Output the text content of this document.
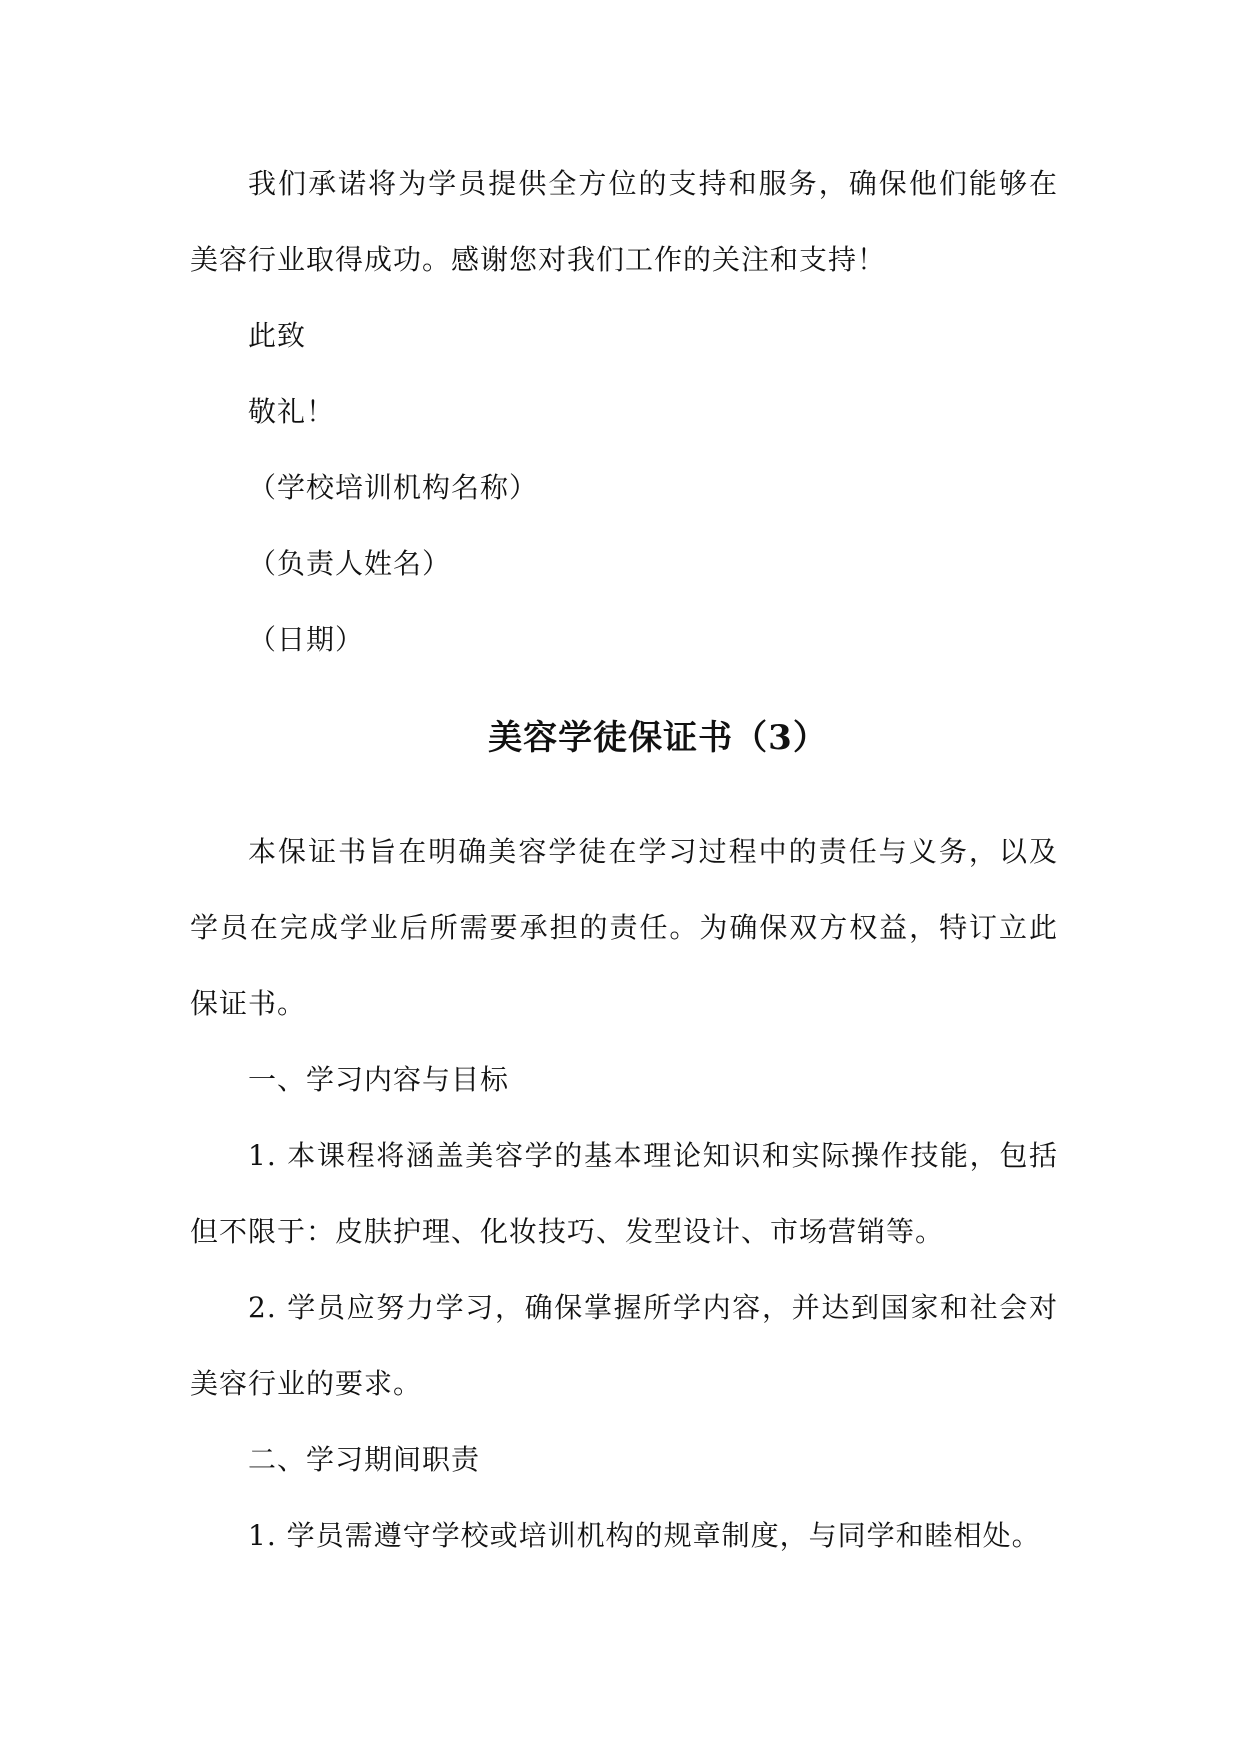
我们承诺将为学员提供全方位的支持和服务，确保他们能够在美容行业取得成功。感谢您对我们工作的关注和支持！

此致

敬礼！

（学校培训机构名称）

（负责人姓名）

（日期）

美容学徒保证书（3）

本保证书旨在明确美容学徒在学习过程中的责任与义务，以及学员在完成学业后所需要承担的责任。为确保双方权益，特订立此保证书。

一、学习内容与目标

1. 本课程将涵盖美容学的基本理论知识和实际操作技能，包括但不限于：皮肤护理、化妆技巧、发型设计、市场营销等。

2. 学员应努力学习，确保掌握所学内容，并达到国家和社会对美容行业的要求。

二、学习期间职责

1. 学员需遵守学校或培训机构的规章制度，与同学和睦相处。
